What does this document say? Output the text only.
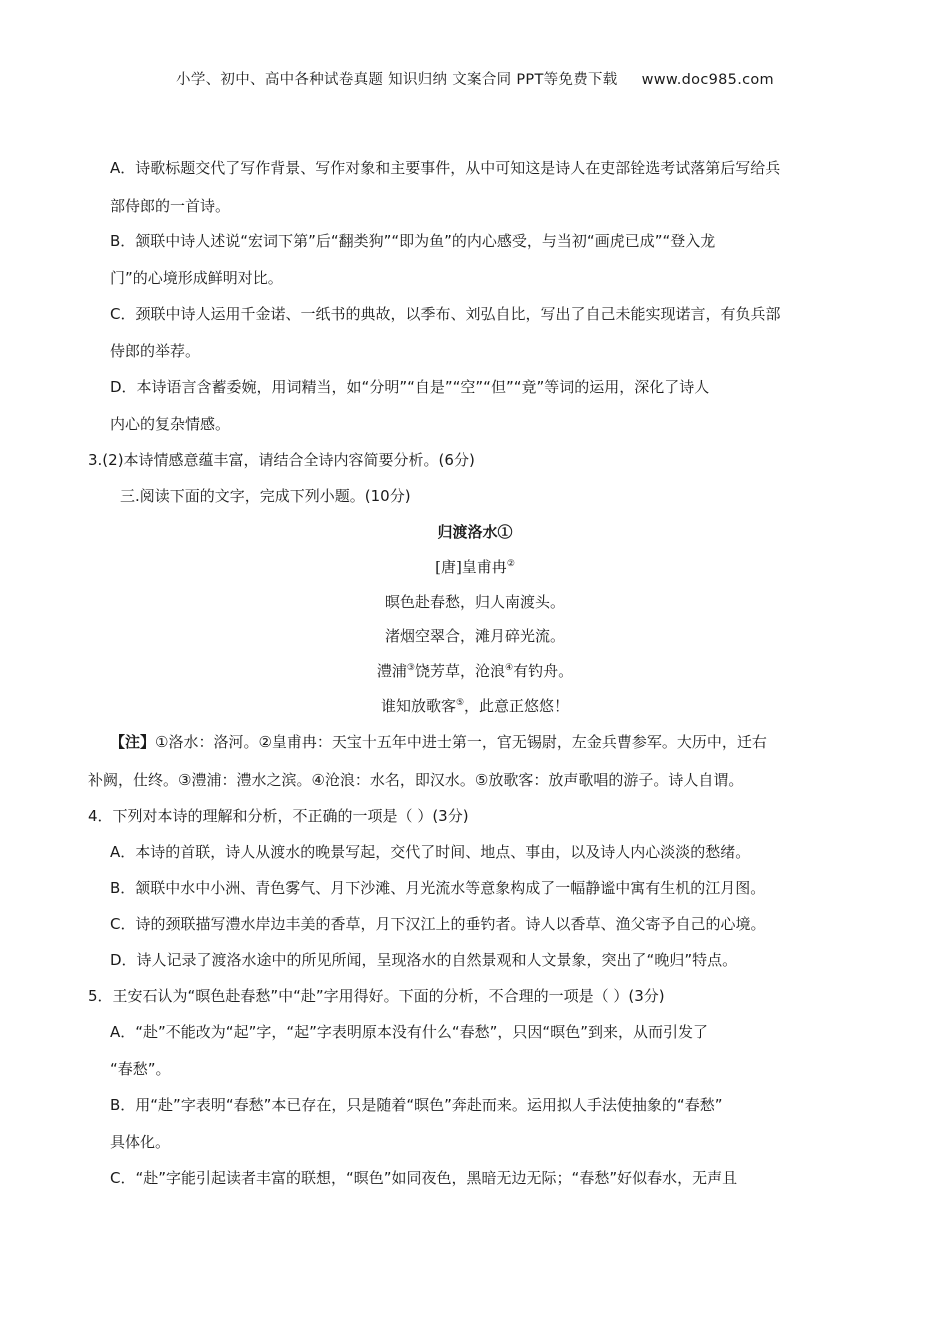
小学、初中、高中各种试卷真题 知识归纳 文案合同 PPT等免费下载 www.doc985.com
A．诗歌标题交代了写作背景、写作对象和主要事件，从中可知这是诗人在吏部铨选考试落第后写给兵
部侍郎的一首诗。
B．颔联中诗人述说“宏词下第”后“翻类狗”“即为鱼”的内心感受，与当初“画虎已成”“登入龙
门”的心境形成鲜明对比。
C．颈联中诗人运用千金诺、一纸书的典故，以季布、刘弘自比，写出了自己未能实现诺言，有负兵部
侍郎的举荐。
D．本诗语言含蓄委婉，用词精当，如“分明”“自是”“空”“但”“竟”等词的运用，深化了诗人
内心的复杂情感。
3.(2)本诗情感意蕴丰富，请结合全诗内容简要分析。(6分)
三.阅读下面的文字，完成下列小题。(10分)
归渡洛水①
[唐]皇甫冉②
暝色赴春愁，归人南渡头。
渚烟空翠合，滩月碎光流。
澧浦③饶芳草，沧浪④有钓舟。
谁知放歌客⑤，此意正悠悠！
【注】①洛水：洛河。②皇甫冉：天宝十五年中进士第一，官无锡尉，左金兵曹参军。大历中，迁右
补阙，仕终。③澧浦：澧水之滨。④沧浪：水名，即汉水。⑤放歌客：放声歌唱的游子。诗人自谓。
4．下列对本诗的理解和分析，不正确的一项是（ ）(3分)
A．本诗的首联，诗人从渡水的晚景写起，交代了时间、地点、事由，以及诗人内心淡淡的愁绪。
B．颔联中水中小洲、青色雾气、月下沙滩、月光流水等意象构成了一幅静谧中寓有生机的江月图。
C．诗的颈联描写澧水岸边丰美的香草，月下汉江上的垂钓者。诗人以香草、渔父寄予自己的心境。
D．诗人记录了渡洛水途中的所见所闻，呈现洛水的自然景观和人文景象，突出了“晚归”特点。
5．王安石认为“暝色赴春愁”中“赴”字用得好。下面的分析，不合理的一项是（ ）(3分)
A．“赴”不能改为“起”字，“起”字表明原本没有什么“春愁”，只因“暝色”到来，从而引发了
“春愁”。
B．用“赴”字表明“春愁”本已存在，只是随着“暝色”奔赴而来。运用拟人手法使抽象的“春愁”
具体化。
C．“赴”字能引起读者丰富的联想，“暝色”如同夜色，黑暗无边无际；“春愁”好似春水，无声且
